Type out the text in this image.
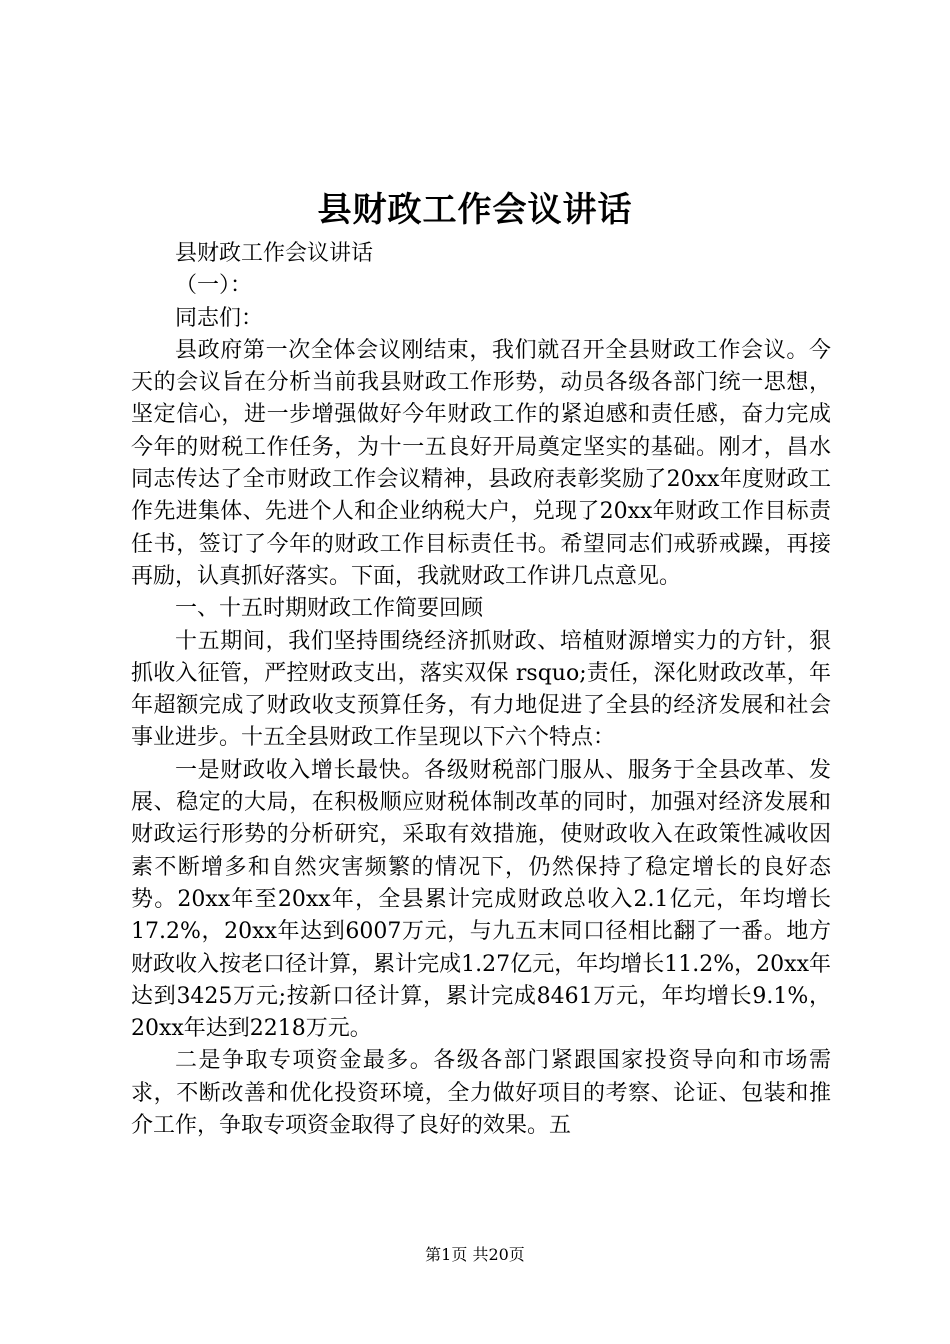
县财政工作会议讲话

县财政工作会议讲话

（一）：

同志们：

县政府第一次全体会议刚结束，我们就召开全县财政工作会议。今天的会议旨在分析当前我县财政工作形势，动员各级各部门统一思想，坚定信心，进一步增强做好今年财政工作的紧迫感和责任感，奋力完成今年的财税工作任务，为十一五良好开局奠定坚实的基础。刚才，昌水同志传达了全市财政工作会议精神，县政府表彰奖励了20xx年度财政工作先进集体、先进个人和企业纳税大户，兑现了20xx年财政工作目标责任书，签订了今年的财政工作目标责任书。希望同志们戒骄戒躁，再接再励，认真抓好落实。下面，我就财政工作讲几点意见。

一、十五时期财政工作简要回顾

十五期间，我们坚持围绕经济抓财政、培植财源增实力的方针，狠抓收入征管，严控财政支出，落实双保 rsquo;责任，深化财政改革，年年超额完成了财政收支预算任务，有力地促进了全县的经济发展和社会事业进步。十五全县财政工作呈现以下六个特点：

一是财政收入增长最快。各级财税部门服从、服务于全县改革、发展、稳定的大局，在积极顺应财税体制改革的同时，加强对经济发展和财政运行形势的分析研究，采取有效措施，使财政收入在政策性减收因素不断增多和自然灾害频繁的情况下，仍然保持了稳定增长的良好态势。20xx年至20xx年，全县累计完成财政总收入2.1亿元，年均增长17.2%，20xx年达到6007万元，与九五末同口径相比翻了一番。地方财政收入按老口径计算，累计完成1.27亿元，年均增长11.2%，20xx年达到3425万元;按新口径计算，累计完成8461万元，年均增长9.1%，20xx年达到2218万元。

二是争取专项资金最多。各级各部门紧跟国家投资导向和市场需求，不断改善和优化投资环境，全力做好项目的考察、论证、包装和推介工作，争取专项资金取得了良好的效果。五

第1页 共20页
